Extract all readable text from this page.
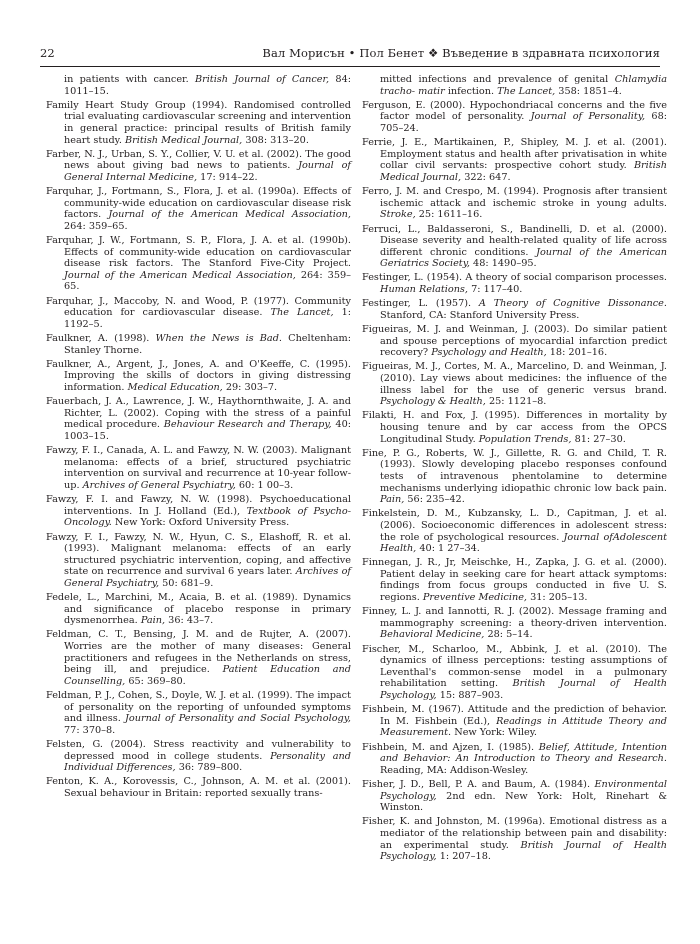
22	Вал Морисън • Пол Бенет ❖ Въведение в здравната психология

in patients with cancer. British Journal of Cancer, 84: 1011–15.

Family Heart Study Group (1994). Randomised controlled trial evaluating cardiovascular screening and intervention in general practice: principal results of British family heart study. British Medical Journal, 308: 313–20.

Farber, N. J., Urban, S. Y., Collier, V. U. et al. (2002). The good news about giving bad news to patients. Journal of General Internal Medicine, 17: 914–22.

Farquhar, J., Fortmann, S., Flora, J. et al. (1990a). Effects of community-wide education on cardiovascular disease risk factors. Journal of the American Medical Association, 264: 359–65.

Farquhar, J. W., Fortmann, S. P., Flora, J. A. et al. (1990b). Effects of community-wide education on cardiovascular disease risk factors. The Stanford Five-City Project. Journal of the American Medical Association, 264: 359–65.

Farquhar, J., Maccoby, N. and Wood, P. (1977). Community education for cardiovascular disease. The Lancet, 1: 1192–5.

Faulkner, A. (1998). When the News is Bad. Cheltenham: Stanley Thorne.

Faulkner, A., Argent, J., Jones, A. and O'Keeffe, C. (1995). Improving the skills of doctors in giving distressing information. Medical Education, 29: 303–7.

Fauerbach, J. A., Lawrence, J. W., Haythornthwaite, J. A. and Richter, L. (2002). Coping with the stress of a painful medical procedure. Behaviour Research and Therapy, 40: 1003–15.

Fawzy, F. I., Canada, A. L. and Fawzy, N. W. (2003). Malignant melanoma: effects of a brief, structured psychiatric intervention on survival and recurrence at 10-year follow-up. Archives of General Psychiatry, 60: 1 00–3.

Fawzy, F. I. and Fawzy, N. W. (1998). Psychoeducational interventions. In J. Holland (Ed.), Textbook of Psycho-Oncology. New York: Oxford University Press.

Fawzy, F. I., Fawzy, N. W., Hyun, C. S., Elashoff, R. et al. (1993). Malignant melanoma: effects of an early structured psychiatric intervention, coping, and affective state on recurrence and survival 6 years later. Archives of General Psychiatry, 50: 681–9.

Fedele, L., Marchini, M., Acaia, B. et al. (1989). Dynamics and significance of placebo response in primary dysmenorrhea. Pain, 36: 43–7.

Feldman, C. T., Bensing, J. M. and de Rujter, A. (2007). Worries are the mother of many diseases: General practitioners and refugees in the Netherlands on stress, being ill, and prejudice. Patient Education and Counselling, 65: 369–80.

Feldman, P. J., Cohen, S., Doyle, W. J. et al. (1999). The impact of personality on the reporting of unfounded symptoms and illness. Journal of Personality and Social Psychology, 77: 370–8.

Felsten, G. (2004). Stress reactivity and vulnerability to depressed mood in college students. Personality and Individual Differences, 36: 789–800.

Fenton, K. A., Korovessis, C., Johnson, A. M. et al. (2001). Sexual behaviour in Britain: reported sexually trans-

mitted infections and prevalence of genital Chlamydia tracho- matir infection. The Lancet, 358: 1851–4.

Ferguson, E. (2000). Hypochondriacal concerns and the five factor model of personality. Journal of Personality, 68: 705–24.

Ferrie, J. E., Martikainen, P., Shipley, M. J. et al. (2001). Employment status and health after privatisation in white collar civil servants: prospective cohort study. British Medical Journal, 322: 647.

Ferro, J. M. and Crespo, M. (1994). Prognosis after transient ischemic attack and ischemic stroke in young adults. Stroke, 25: 1611–16.

Ferruci, L., Baldasseroni, S., Bandinelli, D. et al. (2000). Disease severity and health-related quality of life across different chronic conditions. Journal of the American Geriatrics Society, 48: 1490–95.

Festinger, L. (1954). A theory of social comparison processes. Human Relations, 7: 117–40.

Festinger, L. (1957). A Theory of Cognitive Dissonance. Stanford, CA: Stanford University Press.

Figueiras, M. J. and Weinman, J. (2003). Do similar patient and spouse perceptions of myocardial infarction predict recovery? Psychology and Health, 18: 201–16.

Figueiras, M. J., Cortes, M. A., Marcelino, D. and Weinman, J. (2010). Lay views about medicines: the influence of the illness label for the use of generic versus brand. Psychology & Health, 25: 1121–8.

Filakti, H. and Fox, J. (1995). Differences in mortality by housing tenure and by car access from the OPCS Longitudinal Study. Population Trends, 81: 27–30.

Fine, P. G., Roberts, W. J., Gillette, R. G. and Child, T. R. (1993). Slowly developing placebo responses confound tests of intravenous phentolamine to determine mechanisms underlying idiopathic chronic low back pain. Pain, 56: 235–42.

Finkelstein, D. M., Kubzansky, L. D., Capitman, J. et al. (2006). Socioeconomic differences in adolescent stress: the role of psychological resources. Journal ofAdolescent Health, 40: 1 27–34.

Finnegan, J. R., Jr, Meischke, H., Zapka, J. G. et al. (2000). Patient delay in seeking care for heart attack symptoms: findings from focus groups conducted in five U. S. regions. Preventive Medicine, 31: 205–13.

Finney, L. J. and Iannotti, R. J. (2002). Message framing and mammography screening: a theory-driven intervention. Behavioral Medicine, 28: 5–14.

Fischer, M., Scharloo, M., Abbink, J. et al. (2010). The dynamics of illness perceptions: testing assumptions of Leventhal's common-sense model in a pulmonary rehabilitation setting. British Journal of Health Psychology, 15: 887–903.

Fishbein, M. (1967). Attitude and the prediction of behavior. In M. Fishbein (Ed.), Readings in Attitude Theory and Measurement. New York: Wiley.

Fishbein, M. and Ajzen, I. (1985). Belief, Attitude, Intention and Behavior: An Introduction to Theory and Research. Reading, MA: Addison-Wesley.

Fisher, J. D., Bell, P. A. and Baum, A. (1984). Environmental Psychology, 2nd edn. New York: Holt, Rinehart & Winston.

Fisher, K. and Johnston, M. (1996a). Emotional distress as a mediator of the relationship between pain and disability: an experimental study. British Journal of Health Psychology, 1: 207–18.
